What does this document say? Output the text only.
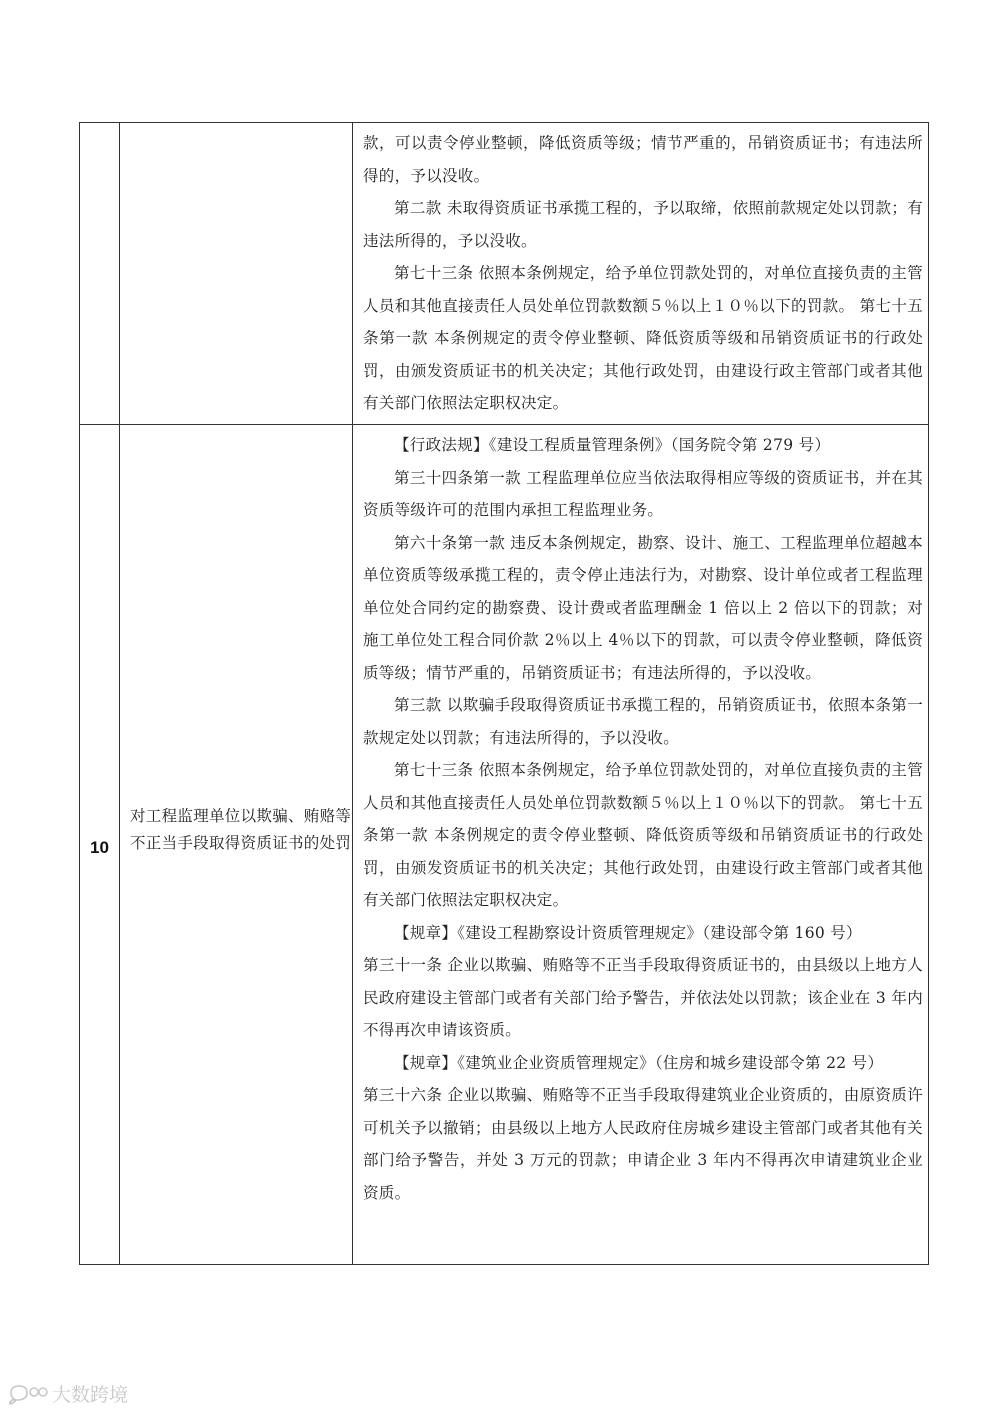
款，可以责令停业整顿，降低资质等级；情节严重的，吊销资质证书；有违法所得的，予以没收。

第二款 未取得资质证书承揽工程的，予以取缔，依照前款规定处以罚款；有违法所得的，予以没收。

第七十三条 依照本条例规定，给予单位罚款处罚的，对单位直接负责的主管人员和其他直接责任人员处单位罚款数额５％以上１０％以下的罚款。 第七十五条第一款 本条例规定的责令停业整顿、降低资质等级和吊销资质证书的行政处罚，由颁发资质证书的机关决定；其他行政处罚，由建设行政主管部门或者其他有关部门依照法定职权决定。

10
对工程监理单位以欺骗、贿赂等不正当手段取得资质证书的处罚

【行政法规】《建设工程质量管理条例》（国务院令第 279 号）

第三十四条第一款 工程监理单位应当依法取得相应等级的资质证书，并在其资质等级许可的范围内承担工程监理业务。

第六十条第一款 违反本条例规定，勘察、设计、施工、工程监理单位超越本单位资质等级承揽工程的，责令停止违法行为，对勘察、设计单位或者工程监理 单位处合同约定的勘察费、设计费或者监理酬金 1 倍以上 2 倍以下的罚款；对施工单位处工程合同价款 2％以上 4％以下的罚款，可以责令停业整顿，降低资质等级；情节严重的，吊销资质证书；有违法所得的，予以没收。

第三款 以欺骗手段取得资质证书承揽工程的，吊销资质证书，依照本条第一款规定处以罚款；有违法所得的，予以没收。

第七十三条 依照本条例规定，给予单位罚款处罚的，对单位直接负责的主管人员和其他直接责任人员处单位罚款数额５％以上１０％以下的罚款。 第七十五条第一款 本条例规定的责令停业整顿、降低资质等级和吊销资质证书的行政处罚，由颁发资质证书的机关决定；其他行政处罚，由建设行政主管部门或者其他有关部门依照法定职权决定。

【规章】《建设工程勘察设计资质管理规定》（建设部令第 160 号）

第三十一条 企业以欺骗、贿赂等不正当手段取得资质证书的，由县级以上地方人民政府建设主管部门或者有关部门给予警告，并依法处以罚款；该企业在 3 年内不得再次申请该资质。

【规章】《建筑业企业资质管理规定》（住房和城乡建设部令第 22 号）

第三十六条 企业以欺骗、贿赂等不正当手段取得建筑业企业资质的，由原资质许可机关予以撤销；由县级以上地方人民政府住房城乡建设主管部门或者其他有关部门给予警告，并处 3 万元的罚款；申请企业 3 年内不得再次申请建筑业企业资质。

大数跨境
